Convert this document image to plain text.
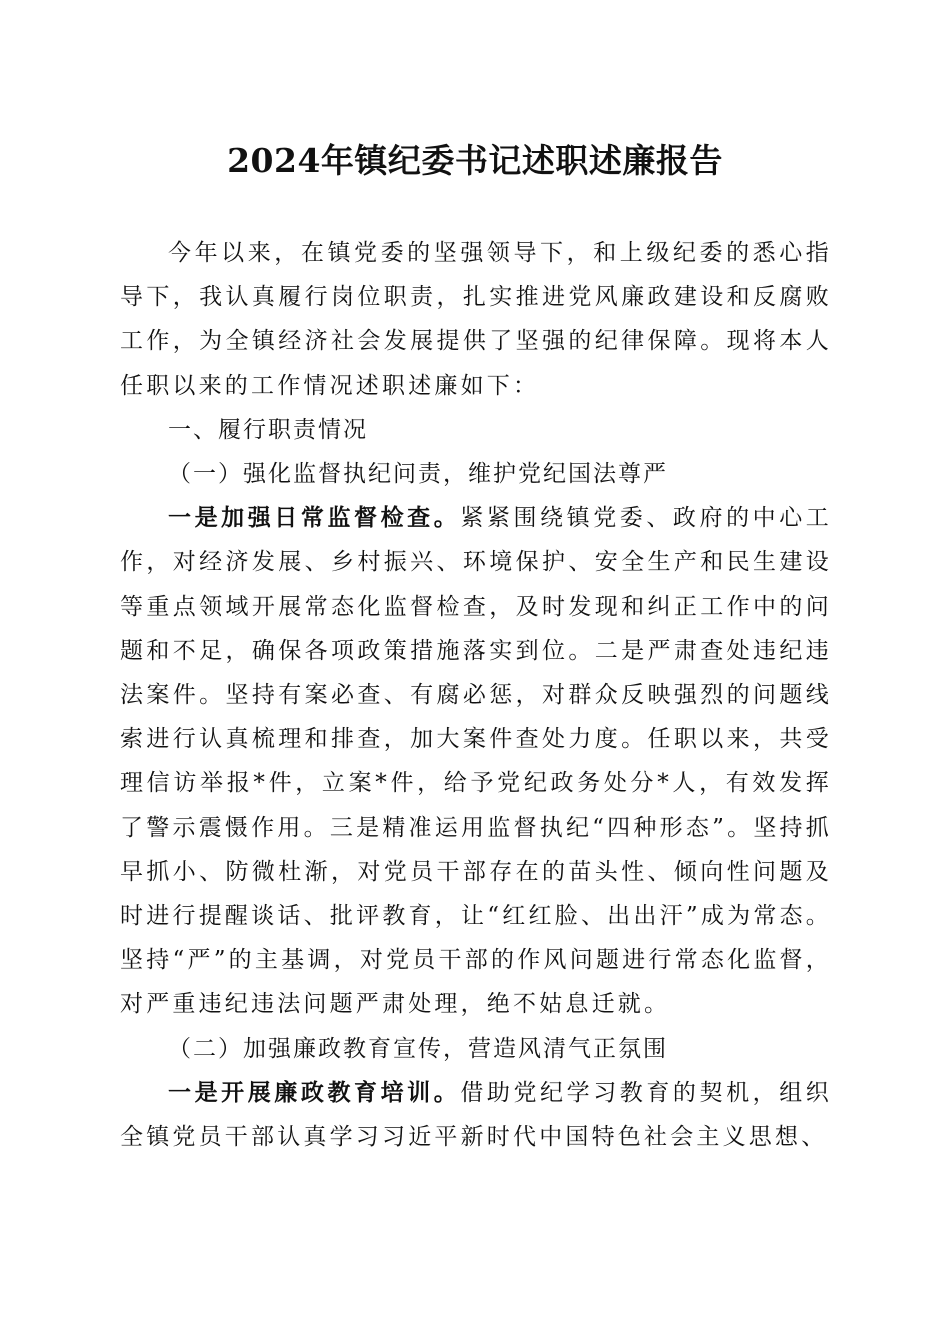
2024年镇纪委书记述职述廉报告

今年以来，在镇党委的坚强领导下，和上级纪委的悉心指导下，我认真履行岗位职责，扎实推进党风廉政建设和反腐败工作，为全镇经济社会发展提供了坚强的纪律保障。现将本人任职以来的工作情况述职述廉如下：

一、履行职责情况

（一）强化监督执纪问责，维护党纪国法尊严

一是加强日常监督检查。紧紧围绕镇党委、政府的中心工作，对经济发展、乡村振兴、环境保护、安全生产和民生建设等重点领域开展常态化监督检查，及时发现和纠正工作中的问题和不足，确保各项政策措施落实到位。二是严肃查处违纪违法案件。坚持有案必查、有腐必惩，对群众反映强烈的问题线索进行认真梳理和排查，加大案件查处力度。任职以来，共受理信访举报*件，立案*件，给予党纪政务处分*人，有效发挥了警示震慑作用。三是精准运用监督执纪“四种形态”。坚持抓早抓小、防微杜渐，对党员干部存在的苗头性、倾向性问题及时进行提醒谈话、批评教育，让“红红脸、出出汗”成为常态。坚持“严”的主基调，对党员干部的作风问题进行常态化监督，对严重违纪违法问题严肃处理，绝不姑息迁就。

（二）加强廉政教育宣传，营造风清气正氛围

一是开展廉政教育培训。借助党纪学习教育的契机，组织全镇党员干部认真学习习近平新时代中国特色社会主义思想、
